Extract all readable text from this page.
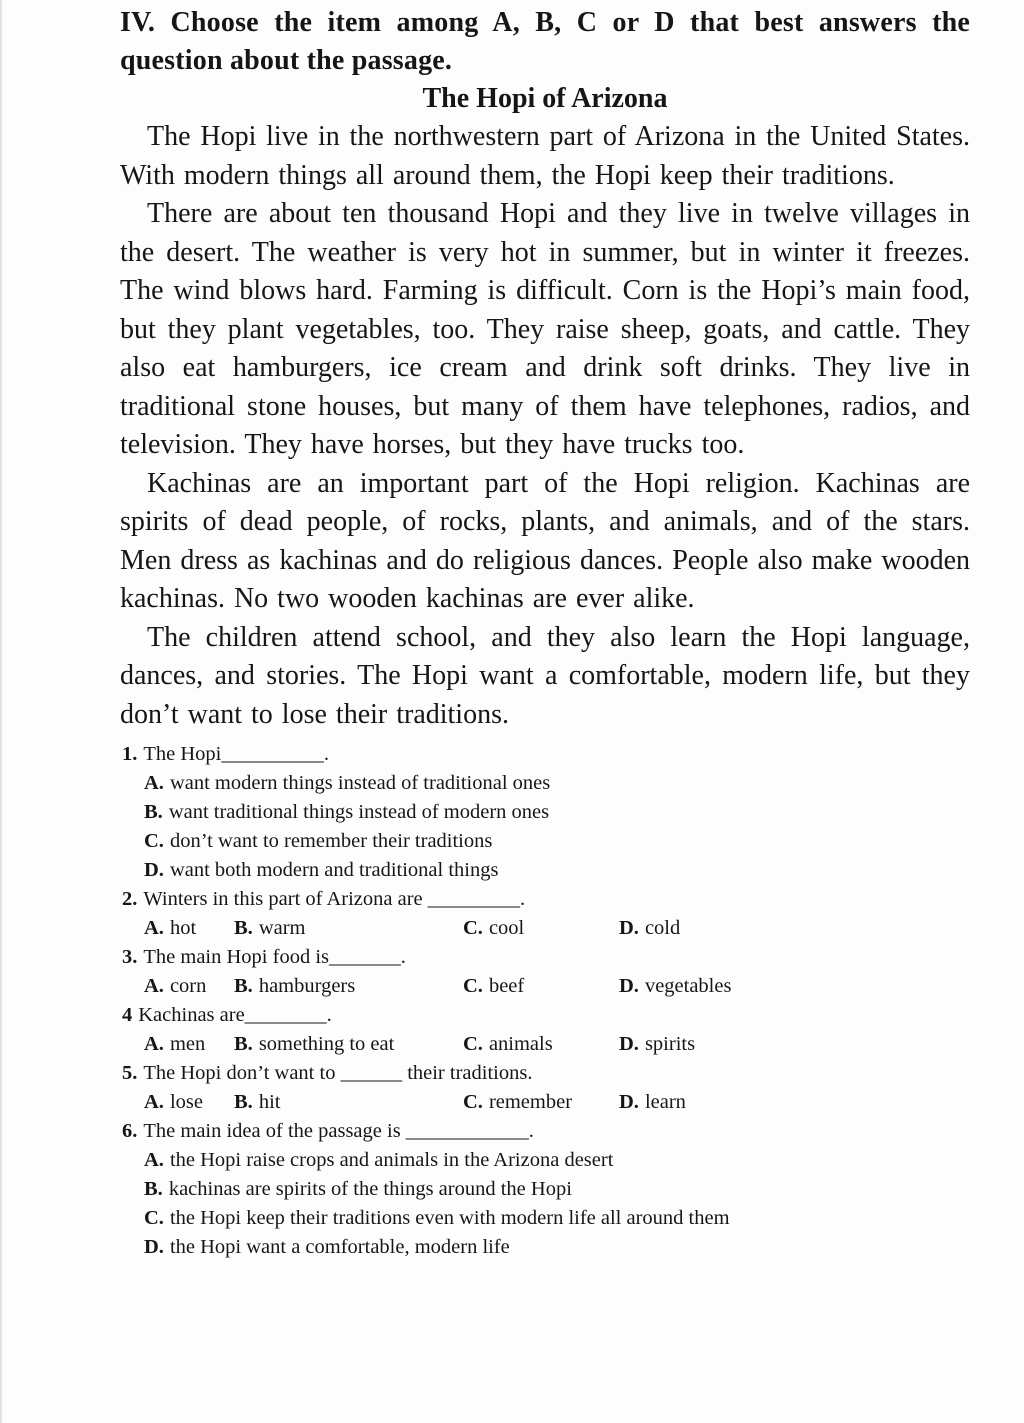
IV. Choose the item among A, B, C or D that best answers the question about the passage.
The Hopi of Arizona

The Hopi live in the northwestern part of Arizona in the United States. With modern things all around them, the Hopi keep their traditions.

There are about ten thousand Hopi and they live in twelve villages in the desert. The weather is very hot in summer, but in winter it freezes. The wind blows hard. Farming is difficult. Corn is the Hopi’s main food, but they plant vegetables, too. They raise sheep, goats, and cattle. They also eat hamburgers, ice cream and drink soft drinks. They live in traditional stone houses, but many of them have telephones, radios, and television. They have horses, but they have trucks too.

Kachinas are an important part of the Hopi religion. Kachinas are spirits of dead people, of rocks, plants, and animals, and of the stars. Men dress as kachinas and do religious dances. People also make wooden kachinas. No two wooden kachinas are ever alike.

The children attend school, and they also learn the Hopi language, dances, and stories. The Hopi want a comfortable, modern life, but they don’t want to lose their traditions.

1. The Hopi__________.
A. want modern things instead of traditional ones
B. want traditional things instead of modern ones
C. don’t want to remember their traditions
D. want both modern and traditional things
2. Winters in this part of Arizona are _________.
A. hot B. warm	C. cool	D. cold
3. The main Hopi food is_______.
A. corn B. hamburgers	C. beef	D. vegetables
4 Kachinas are________.
A. men B. something to eat	C. animals	D. spirits
5. The Hopi don’t want to ______ their traditions.
A. lose B. hit	C. remember D. learn
6. The main idea of the passage is ____________.
A. the Hopi raise crops and animals in the Arizona desert
B. kachinas are spirits of the things around the Hopi
C. the Hopi keep their traditions even with modern life all around them
D. the Hopi want a comfortable, modern life
